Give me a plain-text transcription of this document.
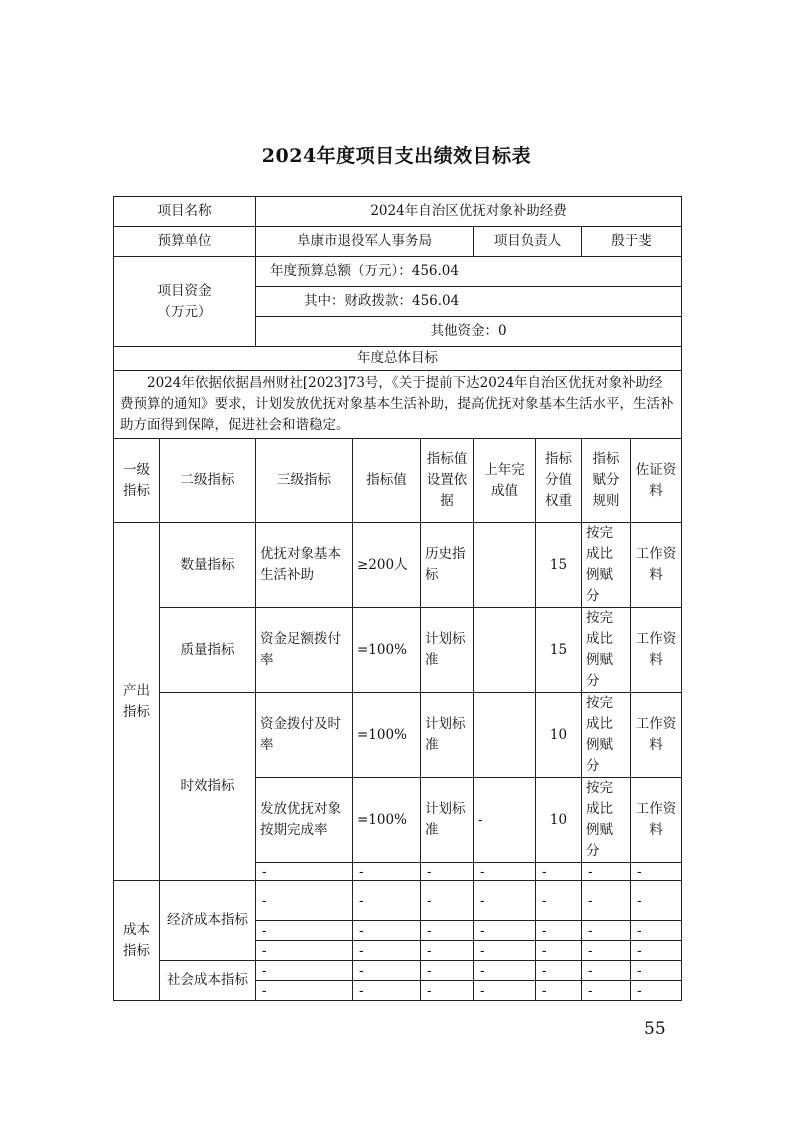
2024年度项目支出绩效目标表
项目名称		2024年自治区优抚对象补助经费						
预算单位		阜康市退役军人事务局			项目负责人		殷于斐	

项目资金
（万元）		年度预算总额（万元）：456.04						
		其中：财政拨款：456.04						
		其他资金：0						
年度总体目标								
2024年依据依据昌州财社[2023]73号，《关于提前下达2024年自治区优抚对象补助经费预算的通知》要求，计划发放优抚对象基本生活补助，提高优抚对象基本生活水平，生活补助方面得到保障，促进社会和谐稳定。								
一级指标	二级指标	三级指标	指标值	指标值设置依据	上年完成值	指标分值权重	指标赋分规则	佐证资料
产出指标	数量指标	优抚对象基本生活补助	≥200人	历史指标		15	按完成比例赋分	工作资料
	质量指标	资金足额拨付率	=100%	计划标准		15	按完成比例赋分	工作资料
	时效指标	资金拨付及时率	=100%	计划标准		10	按完成比例赋分	工作资料
		发放优抚对象按期完成率	=100%	计划标准	-	10	按完成比例赋分	工作资料
		-	-	-	-	-	-	-
成本指标	经济成本指标	-	-	-	-	-	-	-
		-	-	-	-	-	-	-
		-	-	-	-	-	-	-
	社会成本指标	-	-	-	-	-	-	-
		-	-	-	-	-	-	-
55
